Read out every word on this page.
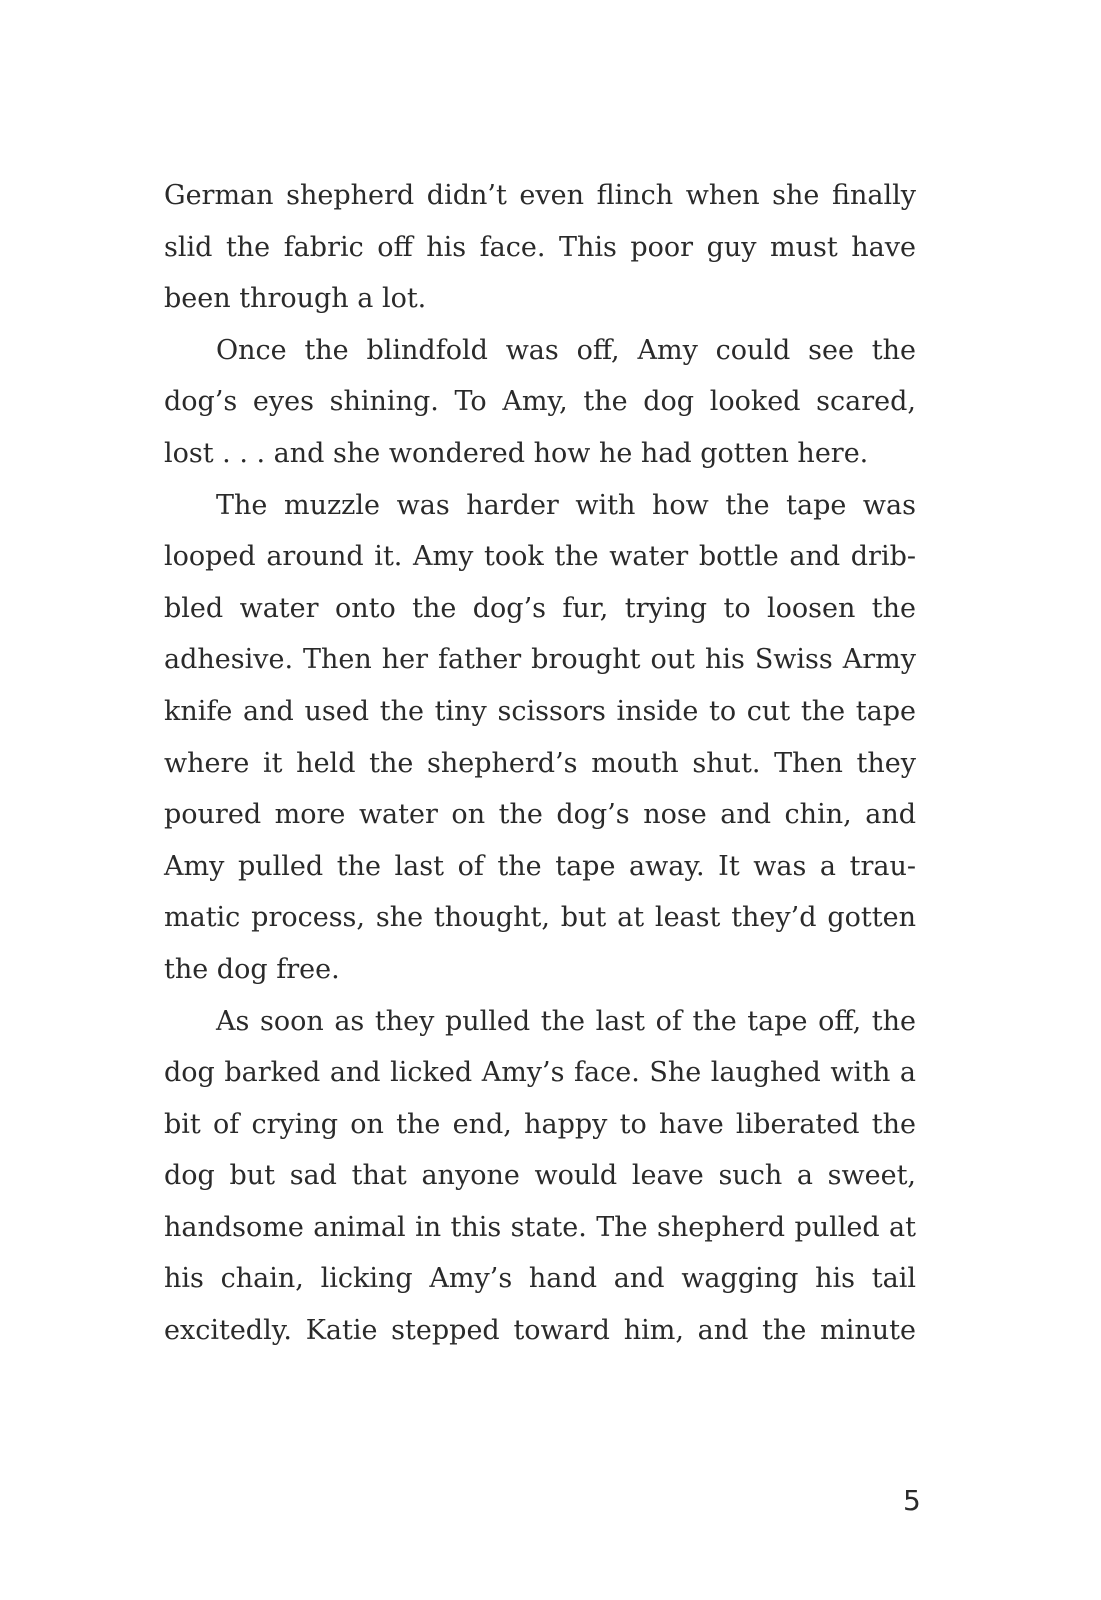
German shepherd didn’t even flinch when she finally
slid the fabric off his face. This poor guy must have
been through a lot.
Once the blindfold was off, Amy could see the
dog’s eyes shining. To Amy, the dog looked scared,
lost . . . and she wondered how he had gotten here.
The muzzle was harder with how the tape was
looped around it. Amy took the water bottle and drib-
bled water onto the dog’s fur, trying to loosen the
adhesive. Then her father brought out his Swiss Army
knife and used the tiny scissors inside to cut the tape
where it held the shepherd’s mouth shut. Then they
poured more water on the dog’s nose and chin, and
Amy pulled the last of the tape away. It was a trau-
matic process, she thought, but at least they’d gotten
the dog free.
As soon as they pulled the last of the tape off, the
dog barked and licked Amy’s face. She laughed with a
bit of crying on the end, happy to have liberated the
dog but sad that anyone would leave such a sweet,
handsome animal in this state. The shepherd pulled at
his chain, licking Amy’s hand and wagging his tail
excitedly. Katie stepped toward him, and the minute
5
